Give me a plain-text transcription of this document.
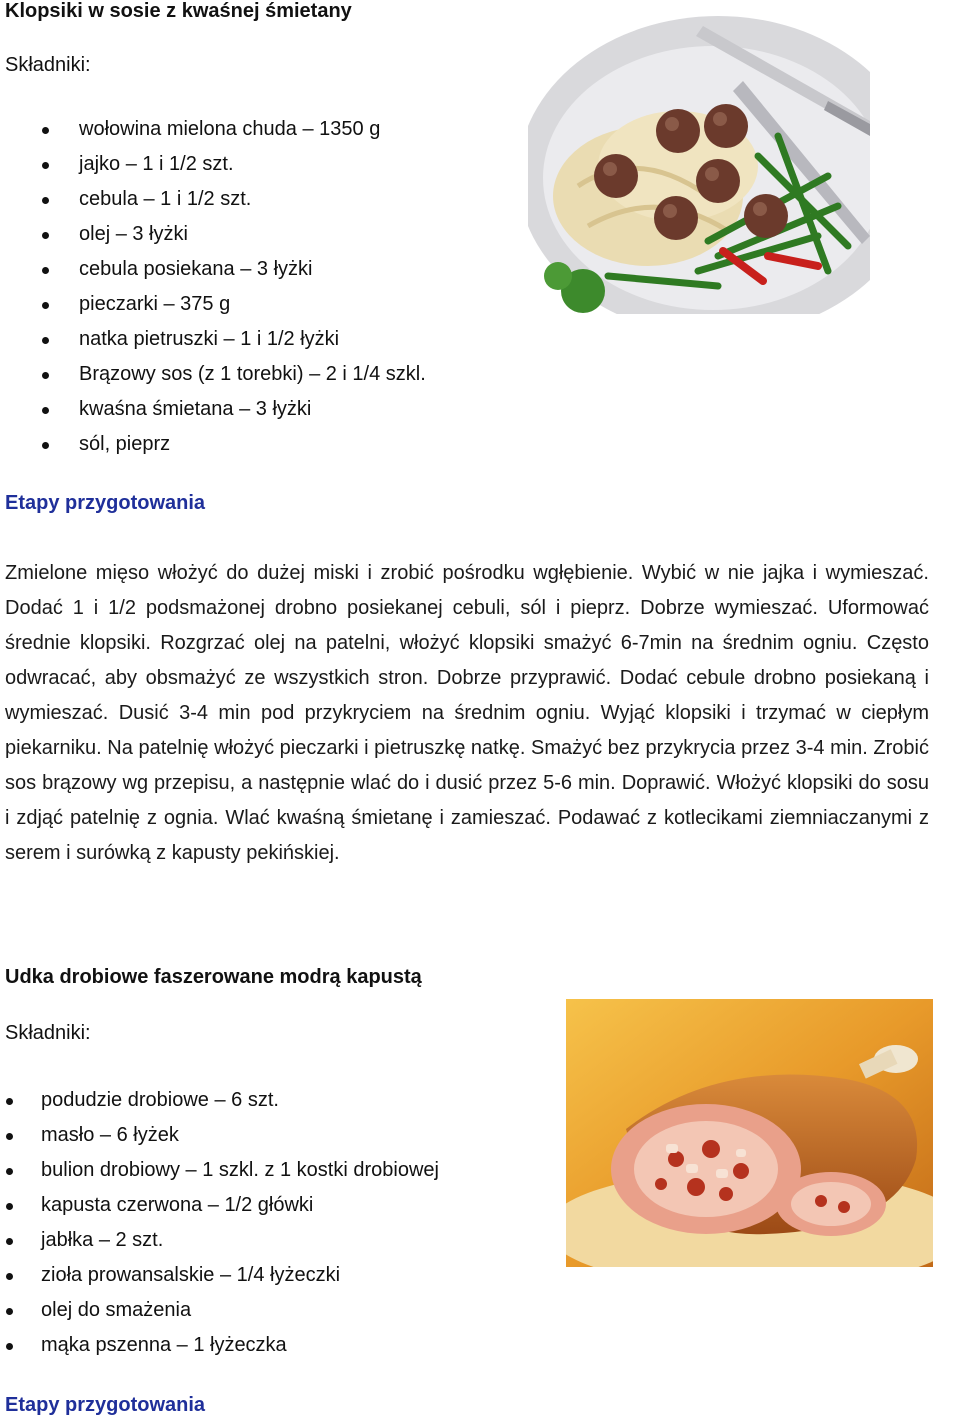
Klopsiki w sosie z kwaśnej śmietany

Składniki:

wołowina mielona chuda – 1350 g
jajko – 1 i 1/2 szt.
cebula – 1 i 1/2 szt.
olej – 3 łyżki
cebula posiekana – 3 łyżki
pieczarki – 375 g
natka pietruszki – 1 i 1/2 łyżki
Brązowy sos (z 1 torebki) – 2 i 1/4 szkl.
kwaśna śmietana – 3 łyżki
sól, pieprz
Etapy przygotowania

Zmielone mięso włożyć do dużej miski i zrobić pośrodku wgłębienie. Wybić w nie jajka i wymieszać. Dodać 1 i 1/2 podsmażonej drobno posiekanej cebuli, sól i pieprz. Dobrze wymieszać. Uformować średnie klopsiki. Rozgrzać olej na patelni, włożyć klopsiki smażyć 6-7min na średnim ogniu. Często odwracać, aby obsmażyć ze wszystkich stron. Dobrze przyprawić. Dodać cebule drobno posiekaną i wymieszać. Dusić 3-4 min pod przykryciem na średnim ogniu. Wyjąć klopsiki i trzymać w ciepłym piekarniku. Na patelnię włożyć pieczarki i pietruszkę natkę. Smażyć bez przykrycia przez 3-4 min. Zrobić sos brązowy wg przepisu, a następnie wlać do i dusić przez 5-6 min. Doprawić. Włożyć klopsiki do sosu i zdjąć patelnię z ognia. Wlać kwaśną śmietanę i zamieszać. Podawać z kotlecikami ziemniaczanymi z serem i surówką z kapusty pekińskiej.

Udka drobiowe faszerowane modrą kapustą

Składniki:

podudzie drobiowe – 6 szt.
masło – 6 łyżek
bulion drobiowy – 1 szkl. z 1 kostki drobiowej
kapusta czerwona – 1/2 główki
jabłka – 2 szt.
zioła prowansalskie – 1/4 łyżeczki
olej do smażenia
mąka pszenna – 1 łyżeczka
Etapy przygotowania
